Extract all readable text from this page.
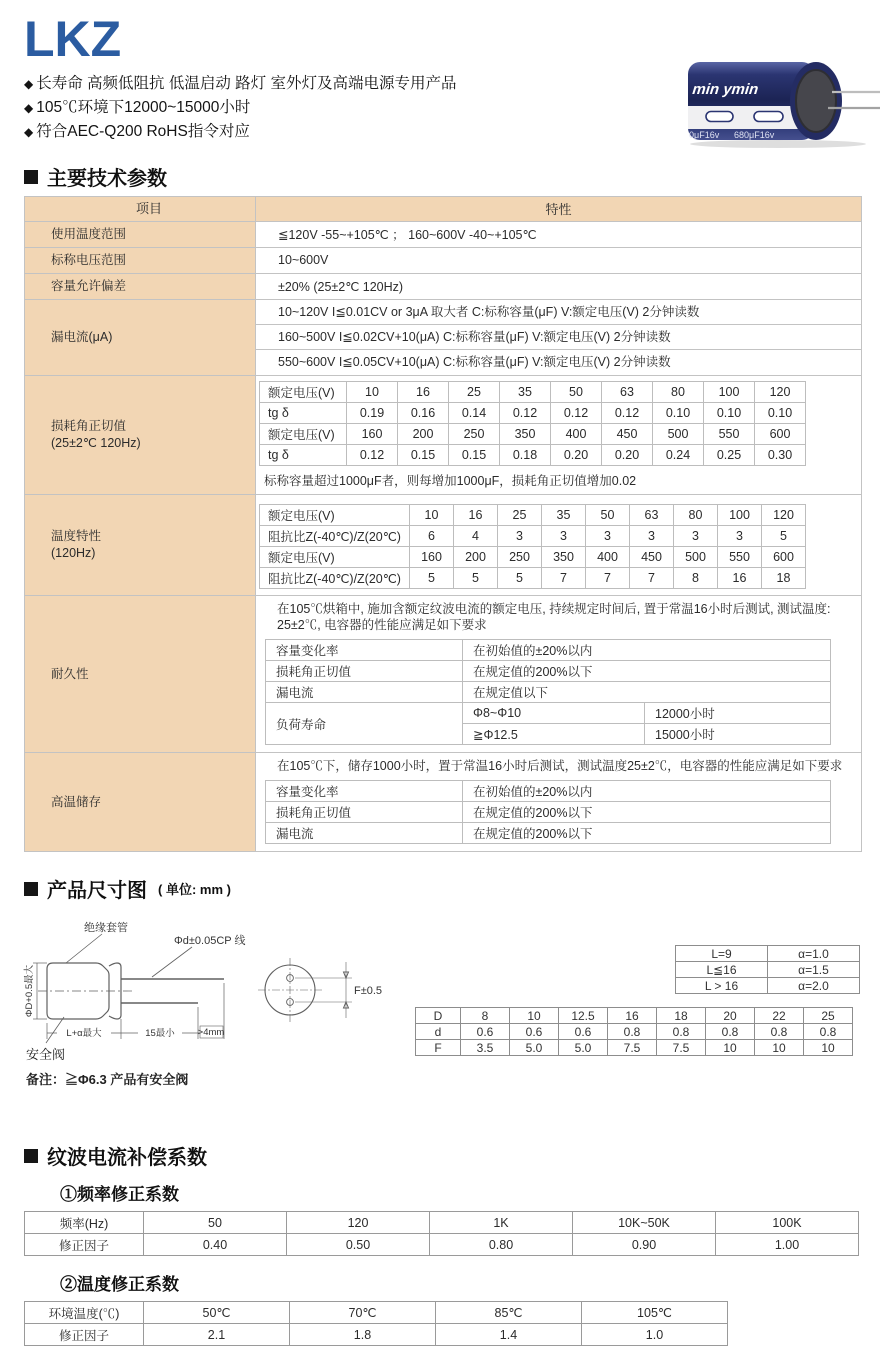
LKZ
◆ 长寿命 高频低阻抗 低温启动 路灯 室外灯及高端电源专用产品
◆ 105℃环境下12000~15000小时
◆ 符合AEC-Q200 RoHS指令对应
min ymin
0μF16v 680μF16v
主要技术参数
项目	特性
使用温度范围	≦120V -55~+105℃ ； 160~600V -40~+105℃
标称电压范围	10~600V
容量允许偏差	±20% (25±2℃ 120Hz)
漏电流(μA)	
10~120V I≦0.01CV or 3μA 取大者 C:标称容量(μF) V:额定电压(V) 2分钟读数
160~500V I≦0.02CV+10(μA) C:标称容量(μF) V:额定电压(V) 2分钟读数
550~600V I≦0.05CV+10(μA) C:标称容量(μF) V:额定电压(V) 2分钟读数

损耗角正切值
(25±2℃ 120Hz)

额定电压(V)	10	16	25	35	50	63	80	100	120
tg δ	0.19	0.16	0.14	0.12	0.12	0.12	0.10	0.10	0.10
额定电压(V)	160	200	250	350	400	450	500	550	600
tg δ	0.12	0.15	0.15	0.18	0.20	0.20	0.24	0.25	0.30
标称容量超过1000μF者，则每增加1000μF，损耗角正切值增加0.02

温度特性
(120Hz)

额定电压(V)	10	16	25	35	50	63	80	100	120
阻抗比Z(-40℃)/Z(20℃)	6	4	3	3	3	3	3	3	5
额定电压(V)	160	200	250	350	400	450	500	550	600
阻抗比Z(-40℃)/Z(20℃)	5	5	5	7	7	7	8	16	18

耐久性	
在105℃烘箱中, 施加含额定纹波电流的额定电压, 持续规定时间后, 置于常温16小时后测试, 测试温度: 25±2℃, 电容器的性能应满足如下要求
容量变化率	在初始值的±20%以内
损耗角正切值	在规定值的200%以下
漏电流	在规定值以下
负荷寿命	Φ8~Φ10	12000小时
≧Φ12.5	15000小时

高温储存	
在105℃下，储存1000小时，置于常温16小时后测试，测试温度25±2℃，电容器的性能应满足如下要求
容量变化率	在初始值的±20%以内
损耗角正切值	在规定值的200%以下
漏电流	在规定值的200%以下
产品尺寸图 ( 单位: mm )
绝缘套管
Φd±0.05CP 线
ΦD+0.5最大
L+α最大	15最小 >4mm
F±0.5
安全阀
备注：≧Φ6.3 产品有安全阀
L=9	α=1.0
L≦16	α=1.5
L > 16	α=2.0
D	8	10	12.5	16	18	20	22	25
d	0.6	0.6	0.6	0.8	0.8	0.8	0.8	0.8
F	3.5	5.0	5.0	7.5	7.5	10	10	10
纹波电流补偿系数
①频率修正系数
频率(Hz)	50	120	1K	10K~50K	100K
修正因子	0.40	0.50	0.80	0.90	1.00
②温度修正系数
环境温度(℃)	50℃	70℃	85℃	105℃
修正因子	2.1	1.8	1.4	1.0
